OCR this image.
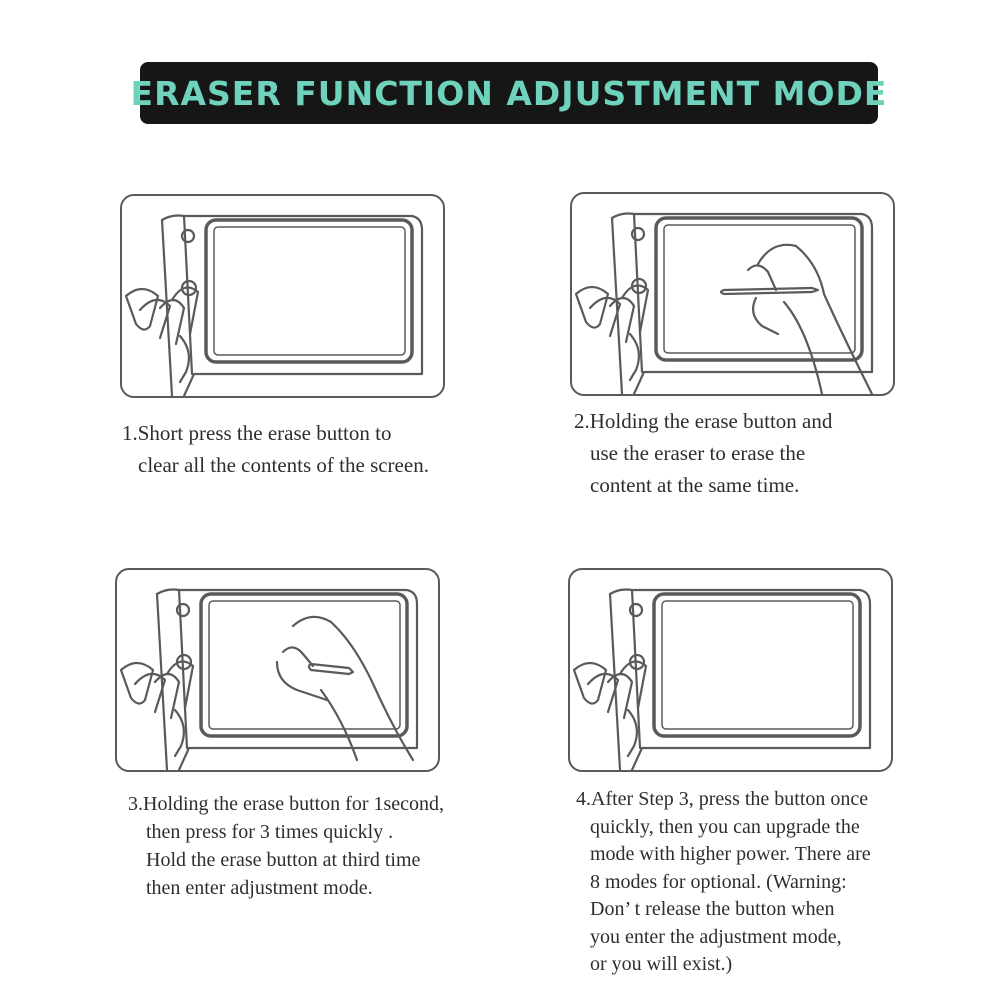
ERASER FUNCTION ADJUSTMENT MODE
1.Short press the erase button to
clear all the contents of the screen.
2.Holding the erase button and
use the eraser to erase the
content at the same time.
3.Holding the erase button for 1second,
then press for 3 times quickly .
Hold the erase button at third time
then enter adjustment mode.
4.After Step 3, press the button once
quickly, then you can upgrade the
mode with higher power. There are
8 modes for optional. (Warning:
Don’ t release the button when
you enter the adjustment mode,
or you will exist.)
